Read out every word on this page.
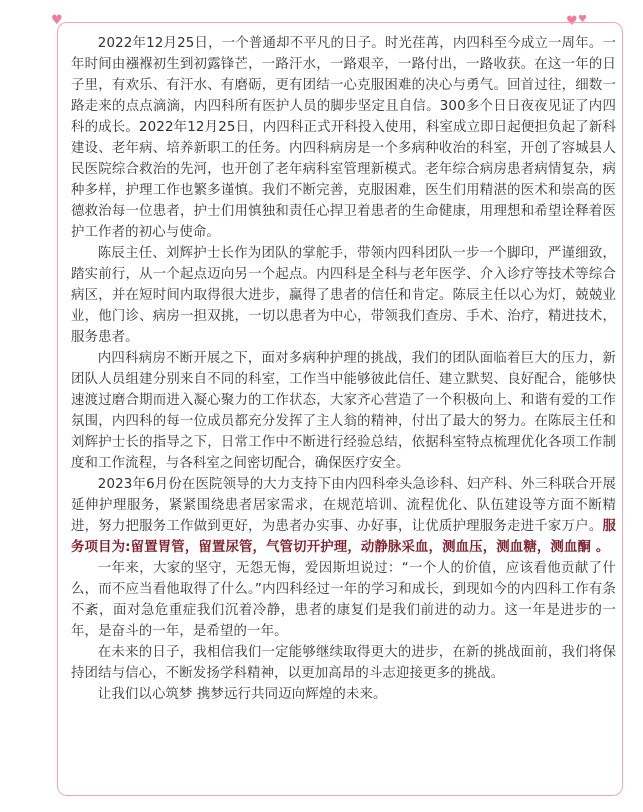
♥	♥ ♥

2022年12月25日，一个普通却不平凡的日子。时光荏苒，内四科至今成立一周年。一年时间由襁褓初生到初露锋芒，一路汗水，一路艰辛，一路付出，一路收获。在这一年的日子里，有欢乐、有汗水、有磨砺，更有团结一心克服困难的决心与勇气。回首过往，细数一路走来的点点滴滴，内四科所有医护人员的脚步坚定且自信。300多个日日夜夜见证了内四科的成长。2022年12月25日，内四科正式开科投入使用，科室成立即日起便担负起了新科建设、老年病、培养新职工的任务。内四科病房是一个多病种收治的科室，开创了容城县人民医院综合救治的先河，也开创了老年病科室管理新模式。老年综合病房患者病情复杂，病种多样，护理工作也繁多谨慎。我们不断完善，克服困难，医生们用精湛的医术和崇高的医德救治每一位患者，护士们用慎独和责任心捍卫着患者的生命健康，用理想和希望诠释着医护工作者的初心与使命。

陈辰主任、刘辉护士长作为团队的掌舵手，带领内四科团队一步一个脚印，严谨细致，踏实前行，从一个起点迈向另一个起点。内四科是全科与老年医学、介入诊疗等技术等综合病区，并在短时间内取得很大进步，赢得了患者的信任和肯定。陈辰主任以心为灯，兢兢业业，他门诊、病房一担双挑，一切以患者为中心，带领我们查房、手术、治疗，精进技术，服务患者。

内四科病房不断开展之下，面对多病种护理的挑战，我们的团队面临着巨大的压力，新团队人员组建分别来自不同的科室，工作当中能够彼此信任、建立默契、良好配合，能够快速渡过磨合期而进入凝心聚力的工作状态，大家齐心营造了一个积极向上、和谐有爱的工作氛围，内四科的每一位成员都充分发挥了主人翁的精神，付出了最大的努力。在陈辰主任和刘辉护士长的指导之下，日常工作中不断进行经验总结，依据科室特点梳理优化各项工作制度和工作流程，与各科室之间密切配合，确保医疗安全。

2023年6月份在医院领导的大力支持下由内四科牵头急诊科、妇产科、外三科联合开展延伸护理服务，紧紧围绕患者居家需求，在规范培训、流程优化、队伍建设等方面不断精进，努力把服务工作做到更好，为患者办实事、办好事，让优质护理服务走进千家万户。服务项目为:留置胃管，留置尿管，气管切开护理，动静脉采血，测血压，测血糖，测血酮 。

一年来，大家的坚守，无怨无悔，爱因斯坦说过：“一个人的价值，应该看他贡献了什么，而不应当看他取得了什么。”内四科经过一年的学习和成长，到现如今的内四科工作有条不紊，面对急危重症我们沉着冷静，患者的康复们是我们前进的动力。这一年是进步的一年，是奋斗的一年，是希望的一年。

在未来的日子，我相信我们一定能够继续取得更大的进步，在新的挑战面前，我们将保持团结与信心，不断发扬学科精神，以更加高昂的斗志迎接更多的挑战。

让我们以心筑梦 携梦远行共同迈向辉煌的未来。
